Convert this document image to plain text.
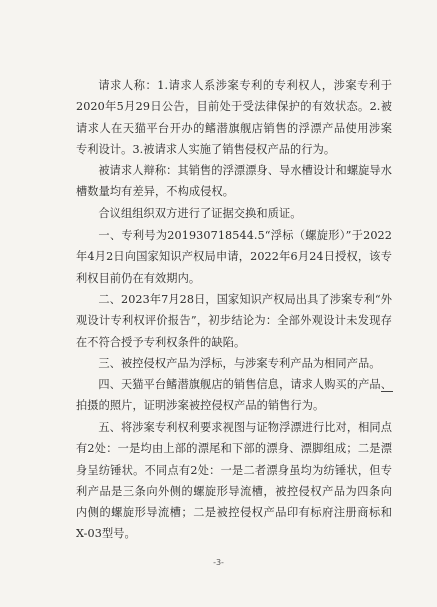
请求人称：1.请求人系涉案专利的专利权人，涉案专利于2020年5月29日公告，目前处于受法律保护的有效状态。2.被请求人在天猫平台开办的鳍潜旗舰店销售的浮漂产品使用涉案专利设计。3.被请求人实施了销售侵权产品的行为。

被请求人辩称：其销售的浮漂漂身、导水槽设计和螺旋导水槽数量均有差异，不构成侵权。

合议组组织双方进行了证据交换和质证。

一、专利号为201930718544.5“浮标（螺旋形）”于2022年4月2日向国家知识产权局申请，2022年6月24日授权，该专利权目前仍在有效期内。

二、2023年7月28日，国家知识产权局出具了涉案专利“外观设计专利权评价报告”，初步结论为：全部外观设计未发现存在不符合授予专利权条件的缺陷。

三、被控侵权产品为浮标，与涉案专利产品为相同产品。

四、天猫平台鳍潜旗舰店的销售信息，请求人购买的产品、拍摄的照片，证明涉案被控侵权产品的销售行为。

五、将涉案专利权利要求视图与证物浮漂进行比对，相同点有2处：一是均由上部的漂尾和下部的漂身、漂脚组成；二是漂身呈纺锤状。不同点有2处：一是二者漂身虽均为纺锤状，但专利产品是三条向外侧的螺旋形导流槽，被控侵权产品为四条向内侧的螺旋形导流槽；二是被控侵权产品印有标府注册商标和X-03型号。

-3-
